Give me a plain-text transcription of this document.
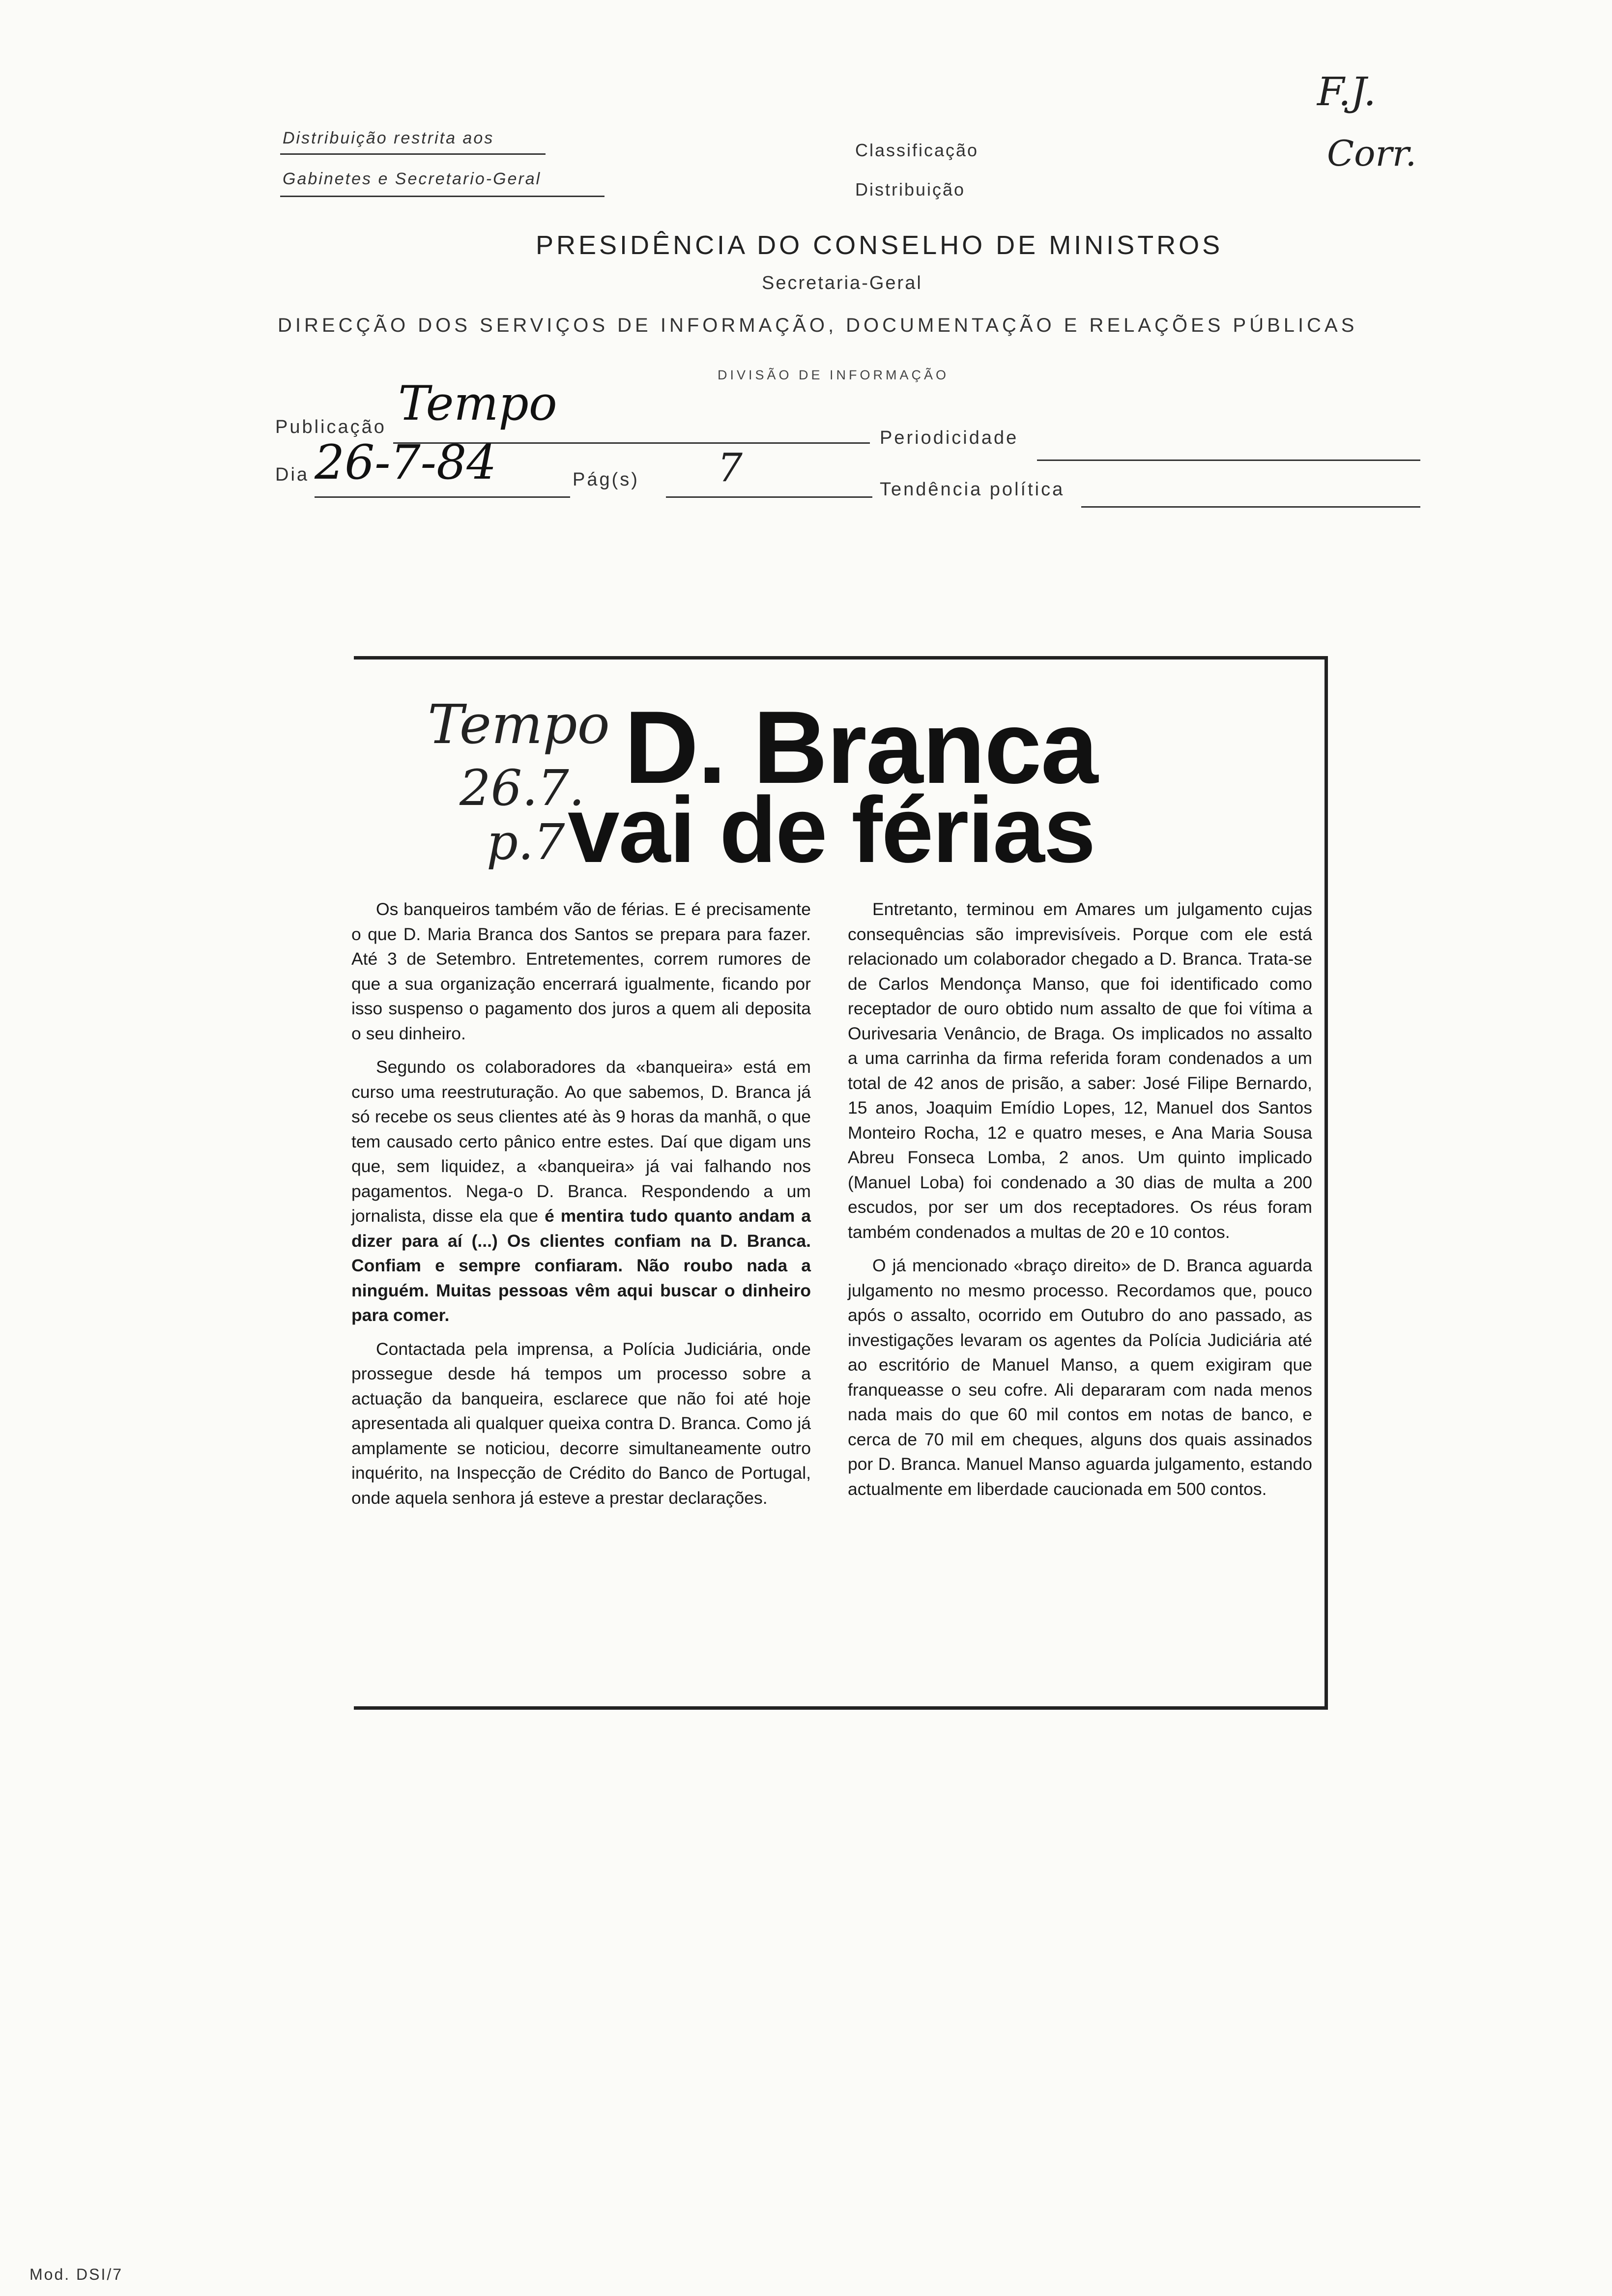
Distribuição restrita aos
Gabinetes e Secretario-Geral
Classificação
Distribuição
F.J.
Corr.
PRESIDÊNCIA DO CONSELHO DE MINISTROS
Secretaria-Geral
DIRECÇÃO DOS SERVIÇOS DE INFORMAÇÃO, DOCUMENTAÇÃO E RELAÇÕES PÚBLICAS
DIVISÃO DE INFORMAÇÃO
Publicação Tempo
Periodicidade
Dia 26-7-84	Pág(s) 7	Tendência política
Tempo
26.7.
p.7
D. Branca
vai de férias

Os banqueiros também vão de férias. E é precisamente o que D. Maria Branca dos Santos se prepara para fazer. Até 3 de Setembro. Entretementes, correm rumores de que a sua organização encerrará igualmente, ficando por isso suspenso o pagamento dos juros a quem ali deposita o seu dinheiro.

Segundo os colaboradores da «banqueira» está em curso uma reestruturação. Ao que sabemos, D. Branca já só recebe os seus clientes até às 9 horas da manhã, o que tem causado certo pânico entre estes. Daí que digam uns que, sem liquidez, a «banqueira» já vai falhando nos pagamentos. Nega-o D. Branca. Respondendo a um jornalista, disse ela que é mentira tudo quanto andam a dizer para aí (...) Os clientes confiam na D. Branca. Confiam e sempre confiaram. Não roubo nada a ninguém. Muitas pessoas vêm aqui buscar o dinheiro para comer.

Contactada pela imprensa, a Polícia Judiciária, onde prossegue desde há tempos um processo sobre a actuação da banqueira, esclarece que não foi até hoje apresentada ali qualquer queixa contra D. Branca. Como já amplamente se noticiou, decorre simultaneamente outro inquérito, na Inspecção de Crédito do Banco de Portugal, onde aquela senhora já esteve a prestar declarações.

Entretanto, terminou em Amares um julgamento cujas consequências são imprevisíveis. Porque com ele está relacionado um colaborador chegado a D. Branca. Trata-se de Carlos Mendonça Manso, que foi identificado como receptador de ouro obtido num assalto de que foi vítima a Ourivesaria Venâncio, de Braga. Os implicados no assalto a uma carrinha da firma referida foram condenados a um total de 42 anos de prisão, a saber: José Filipe Bernardo, 15 anos, Joaquim Emídio Lopes, 12, Manuel dos Santos Monteiro Rocha, 12 e quatro meses, e Ana Maria Sousa Abreu Fonseca Lomba, 2 anos. Um quinto implicado (Manuel Loba) foi condenado a 30 dias de multa a 200 escudos, por ser um dos receptadores. Os réus foram também condenados a multas de 20 e 10 contos.

O já mencionado «braço direito» de D. Branca aguarda julgamento no mesmo processo. Recordamos que, pouco após o assalto, ocorrido em Outubro do ano passado, as investigações levaram os agentes da Polícia Judiciária até ao escritório de Manuel Manso, a quem exigiram que franqueasse o seu cofre. Ali depararam com nada menos nada mais do que 60 mil contos em notas de banco, e cerca de 70 mil em cheques, alguns dos quais assinados por D. Branca. Manuel Manso aguarda julgamento, estando actualmente em liberdade caucionada em 500 contos.

Mod. DSI/7
